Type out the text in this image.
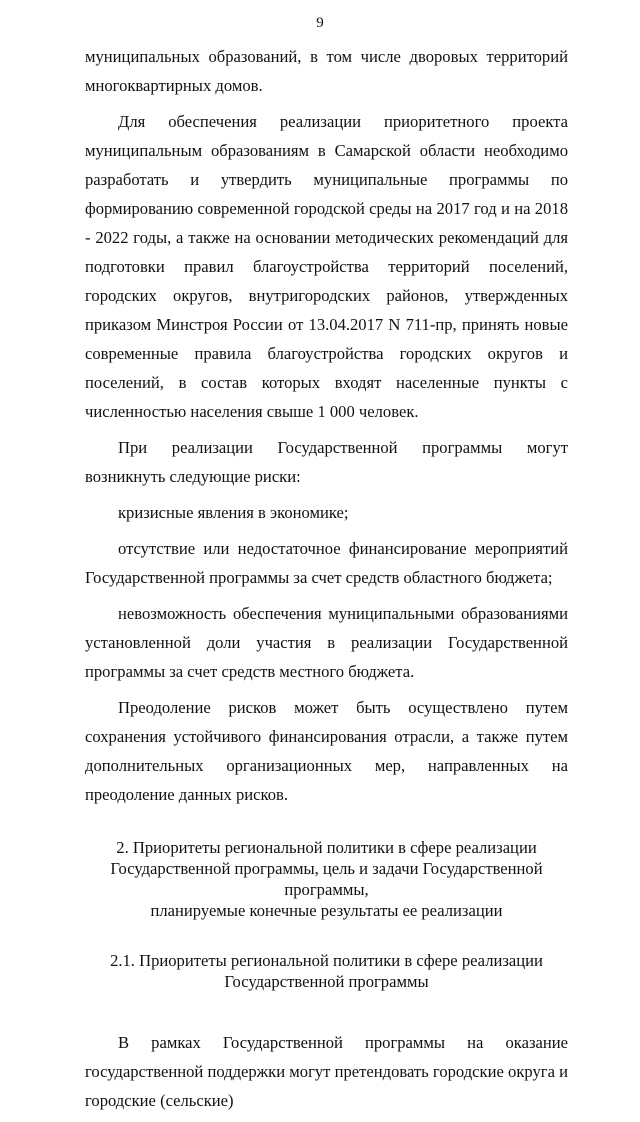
9

муниципальных образований, в том числе дворовых территорий многоквартирных домов.

Для обеспечения реализации приоритетного проекта муниципальным образованиям в Самарской области необходимо разработать и утвердить муниципальные программы по формированию современной городской среды на 2017 год и на 2018 - 2022 годы, а также на основании методических рекомендаций для подготовки правил благоустройства территорий поселений, городских округов, внутригородских районов, утвержденных приказом Минстроя России от 13.04.2017 N 711-пр, принять новые современные правила благоустройства городских округов и поселений, в состав которых входят населенные пункты с численностью населения свыше 1 000 человек.

При реализации Государственной программы могут возникнуть следующие риски:

кризисные явления в экономике;

отсутствие или недостаточное финансирование мероприятий Государственной программы за счет средств областного бюджета;

невозможность обеспечения муниципальными образованиями установленной доли участия в реализации Государственной программы за счет средств местного бюджета.

Преодоление рисков может быть осуществлено путем сохранения устойчивого финансирования отрасли, а также путем дополнительных организационных мер, направленных на преодоление данных рисков.

2. Приоритеты региональной политики в сфере реализации
Государственной программы, цель и задачи Государственной программы,
планируемые конечные результаты ее реализации
2.1. Приоритеты региональной политики в сфере реализации
Государственной программы

В рамках Государственной программы на оказание государственной поддержки могут претендовать городские округа и городские (сельские)
